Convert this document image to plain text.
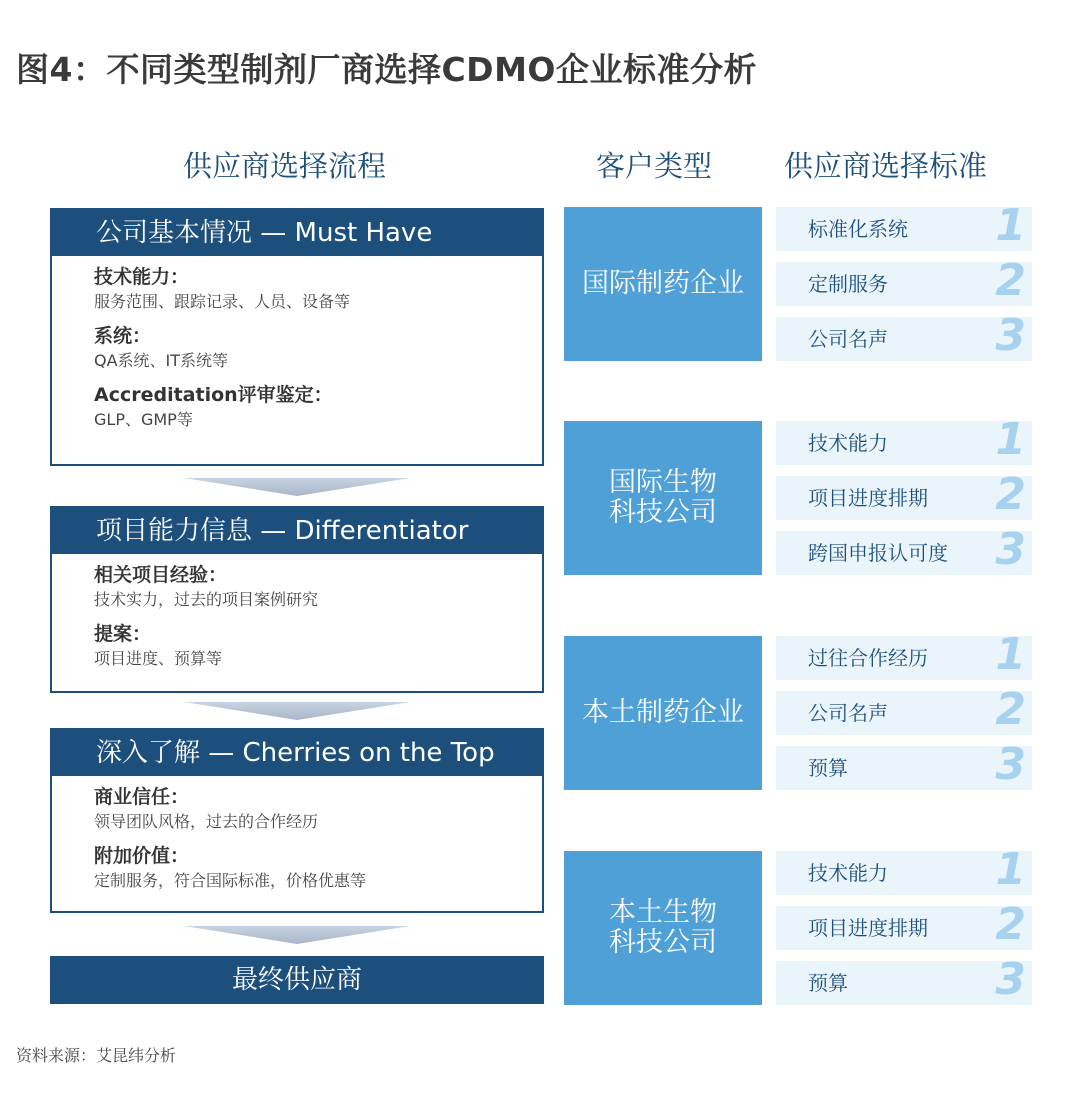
图4：不同类型制剂厂商选择CDMO企业标准分析
供应商选择流程	客户类型 供应商选择标准
公司基本情况 — Must Have
技术能力：
服务范围、跟踪记录、人员、设备等
系统：
QA系统、IT系统等
Accreditation评审鉴定：
GLP、GMP等
项目能力信息 — Differentiator
相关项目经验：
技术实力，过去的项目案例研究
提案：
项目进度、预算等
深入了解 — Cherries on the Top
商业信任：
领导团队风格，过去的合作经历
附加价值：
定制服务，符合国际标准，价格优惠等
最终供应商
国际制药企业
标准化系统 1
定制服务 2
公司名声 3
国际生物科技公司
技术能力 1
项目进度排期 2
跨国申报认可度 3
本土制药企业
过往合作经历 1
公司名声 2
预算	3
本土生物科技公司
技术能力 1
项目进度排期 2
预算	3
资料来源：艾昆纬分析
